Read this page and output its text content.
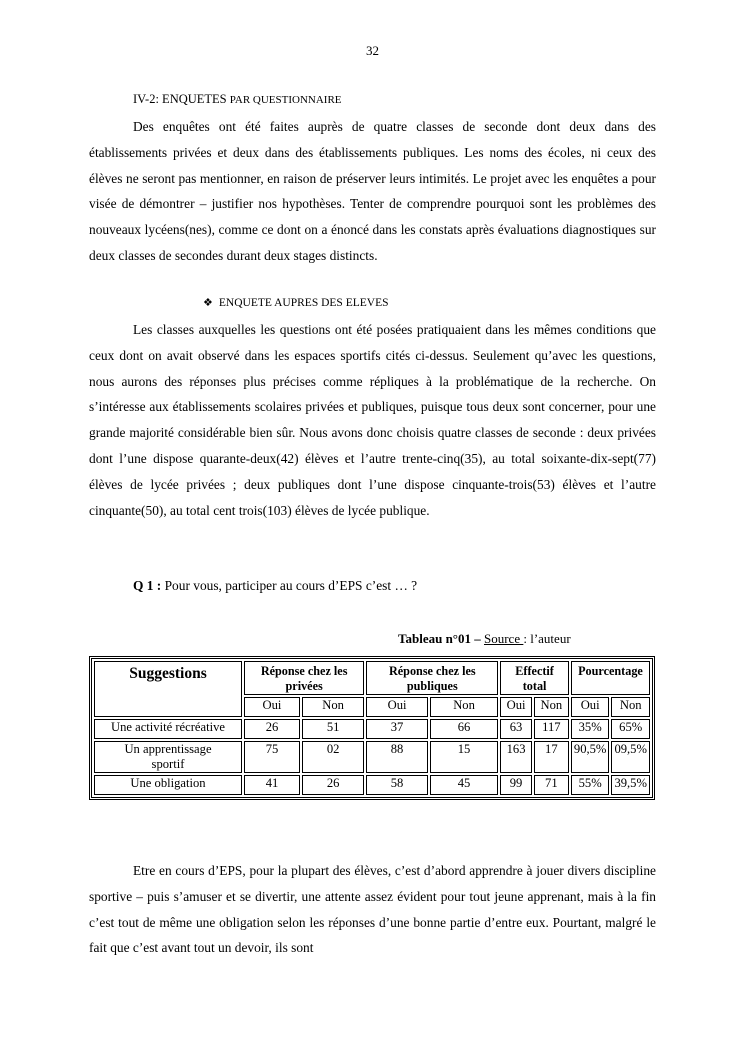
32
IV-2: ENQUETES PAR QUESTIONNAIRE

Des enquêtes ont été faites auprès de quatre classes de seconde dont deux dans des établissements privées et deux dans des établissements publiques. Les noms des écoles, ni ceux des élèves ne seront pas mentionner, en raison de préserver leurs intimités. Le projet avec les enquêtes a pour visée de démontrer – justifier nos hypothèses. Tenter de comprendre pourquoi sont les problèmes des nouveaux lycéens(nes), comme ce dont on a énoncé dans les constats après évaluations diagnostiques sur deux classes de secondes durant deux stages distincts.

❖ ENQUETE AUPRES DES ELEVES

Les classes auxquelles les questions ont été posées pratiquaient dans les mêmes conditions que ceux dont on avait observé dans les espaces sportifs cités ci-dessus. Seulement qu’avec les questions, nous aurons des réponses plus précises comme répliques à la problématique de la recherche. On s’intéresse aux établissements scolaires privées et publiques, puisque tous deux sont concerner, pour une grande majorité considérable bien sûr. Nous avons donc choisis quatre classes de seconde : deux privées dont l’une dispose quarante-deux(42) élèves et l’autre trente-cinq(35), au total soixante-dix-sept(77) élèves de lycée privées ; deux publiques dont l’une dispose cinquante-trois(53) élèves et l’autre cinquante(50), au total cent trois(103) élèves de lycée publique.

Q 1 : Pour vous, participer au cours d’EPS c’est … ?
Tableau n°01 – Source : l’auteur
Suggestions	Réponse chez les privées		Réponse chez les publiques		Effectif total		Pourcentage	
	Oui	Non	Oui	Non	Oui	Non	Oui	Non
Une activité récréative	26	51	37	66	63	117	35%	65%
Un apprentissage sportif	75	02	88	15	163	17	90,5%	09,5%
Une obligation	41	26	58	45	99	71	55%	39,5%

Etre en cours d’EPS, pour la plupart des élèves, c’est d’abord apprendre à jouer divers discipline sportive – puis s’amuser et se divertir, une attente assez évident pour tout jeune apprenant, mais à la fin c’est tout de même une obligation selon les réponses d’une bonne partie d’entre eux. Pourtant, malgré le fait que c’est avant tout un devoir, ils sont
